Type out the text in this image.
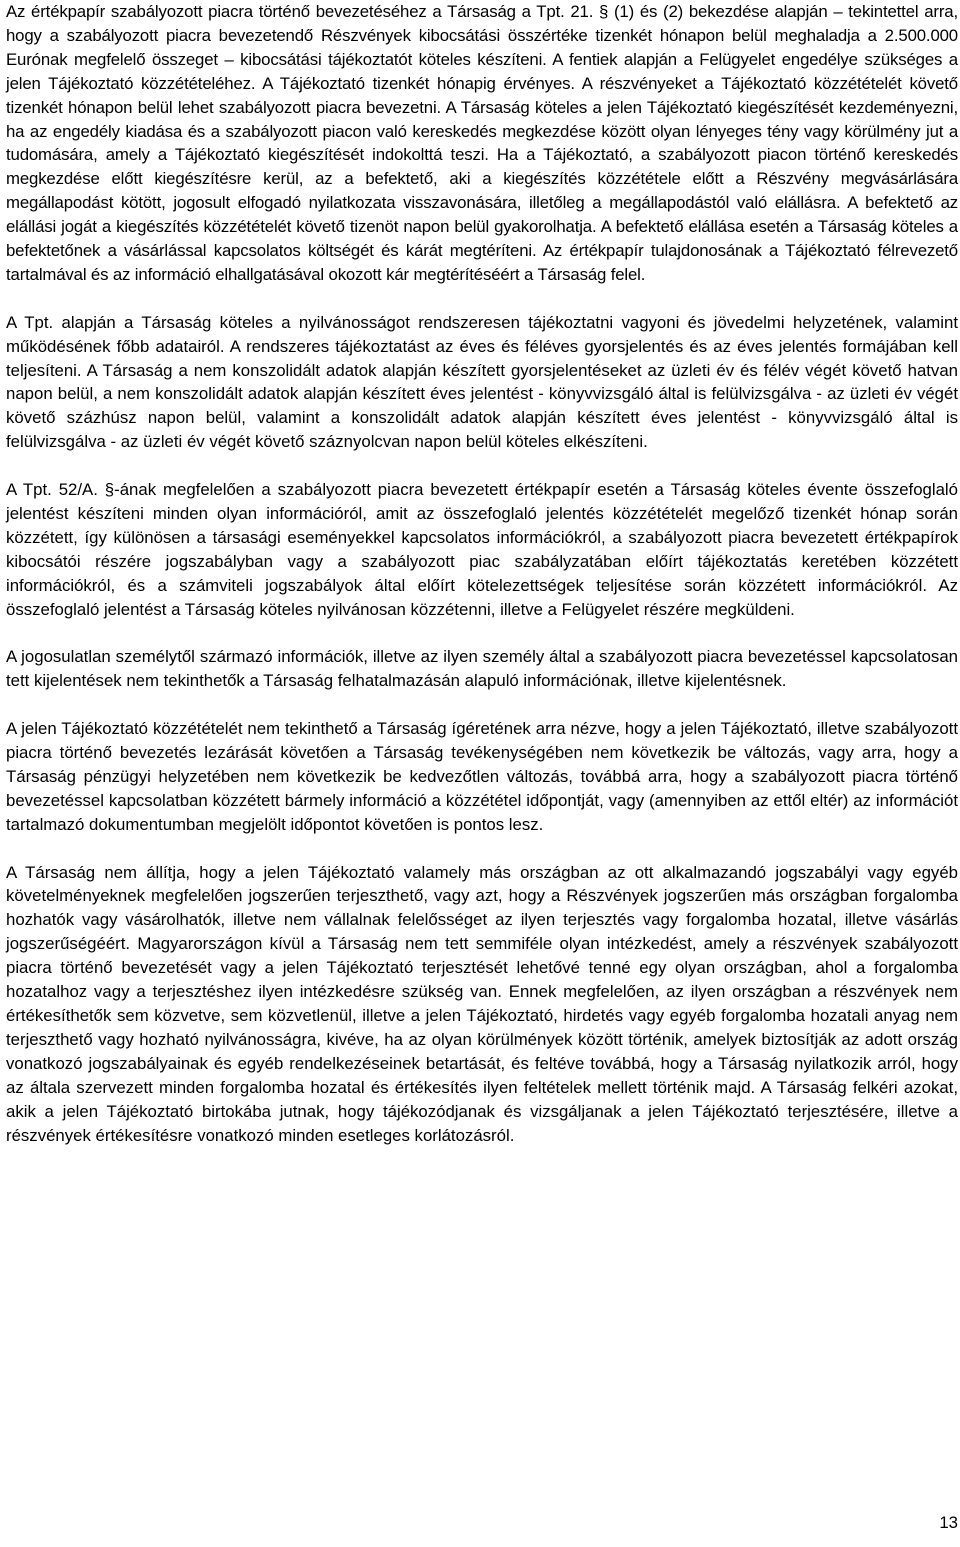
Az értékpapír szabályozott piacra történő bevezetéséhez a Társaság a Tpt. 21. § (1) és (2) bekezdése alapján – tekintettel arra, hogy a szabályozott piacra bevezetendő Részvények kibocsátási összértéke tizenkét hónapon belül meghaladja a 2.500.000 Eurónak megfelelő összeget – kibocsátási tájékoztatót köteles készíteni. A fentiek alapján a Felügyelet engedélye szükséges a jelen Tájékoztató közzétételéhez. A Tájékoztató tizenkét hónapig érvényes. A részvényeket a Tájékoztató közzétételét követő tizenkét hónapon belül lehet szabályozott piacra bevezetni. A Társaság köteles a jelen Tájékoztató kiegészítését kezdeményezni, ha az engedély kiadása és a szabályozott piacon való kereskedés megkezdése között olyan lényeges tény vagy körülmény jut a tudomására, amely a Tájékoztató kiegészítését indokolttá teszi. Ha a Tájékoztató, a szabályozott piacon történő kereskedés megkezdése előtt kiegészítésre kerül, az a befektető, aki a kiegészítés közzététele előtt a Részvény megvásárlására megállapodást kötött, jogosult elfogadó nyilatkozata visszavonására, illetőleg a megállapodástól való elállásra. A befektető az elállási jogát a kiegészítés közzétételét követő tizenöt napon belül gyakorolhatja. A befektető elállása esetén a Társaság köteles a befektetőnek a vásárlással kapcsolatos költségét és kárát megtéríteni. Az értékpapír tulajdonosának a Tájékoztató félrevezető tartalmával és az információ elhallgatásával okozott kár megtérítéséért a Társaság felel.

A Tpt. alapján a Társaság köteles a nyilvánosságot rendszeresen tájékoztatni vagyoni és jövedelmi helyzetének, valamint működésének főbb adatairól. A rendszeres tájékoztatást az éves és féléves gyorsjelentés és az éves jelentés formájában kell teljesíteni. A Társaság a nem konszolidált adatok alapján készített gyorsjelentéseket az üzleti év és félév végét követő hatvan napon belül, a nem konszolidált adatok alapján készített éves jelentést - könyvvizsgáló által is felülvizsgálva - az üzleti év végét követő százhúsz napon belül, valamint a konszolidált adatok alapján készített éves jelentést - könyvvizsgáló által is felülvizsgálva - az üzleti év végét követő száznyolcvan napon belül köteles elkészíteni.

A Tpt. 52/A. §-ának megfelelően a szabályozott piacra bevezetett értékpapír esetén a Társaság köteles évente összefoglaló jelentést készíteni minden olyan információról, amit az összefoglaló jelentés közzétételét megelőző tizenkét hónap során közzétett, így különösen a társasági eseményekkel kapcsolatos információkról, a szabályozott piacra bevezetett értékpapírok kibocsátói részére jogszabályban vagy a szabályozott piac szabályzatában előírt tájékoztatás keretében közzétett információkról, és a számviteli jogszabályok által előírt kötelezettségek teljesítése során közzétett információkról. Az összefoglaló jelentést a Társaság köteles nyilvánosan közzétenni, illetve a Felügyelet részére megküldeni.

A jogosulatlan személytől származó információk, illetve az ilyen személy által a szabályozott piacra bevezetéssel kapcsolatosan tett kijelentések nem tekinthetők a Társaság felhatalmazásán alapuló információnak, illetve kijelentésnek.

A jelen Tájékoztató közzétételét nem tekinthető a Társaság ígéretének arra nézve, hogy a jelen Tájékoztató, illetve szabályozott piacra történő bevezetés lezárását követően a Társaság tevékenységében nem következik be változás, vagy arra, hogy a Társaság pénzügyi helyzetében nem következik be kedvezőtlen változás, továbbá arra, hogy a szabályozott piacra történő bevezetéssel kapcsolatban közzétett bármely információ a közzététel időpontját, vagy (amennyiben az ettől eltér) az információt tartalmazó dokumentumban megjelölt időpontot követően is pontos lesz.

A Társaság nem állítja, hogy a jelen Tájékoztató valamely más országban az ott alkalmazandó jogszabályi vagy egyéb követelményeknek megfelelően jogszerűen terjeszthető, vagy azt, hogy a Részvények jogszerűen más országban forgalomba hozhatók vagy vásárolhatók, illetve nem vállalnak felelősséget az ilyen terjesztés vagy forgalomba hozatal, illetve vásárlás jogszerűségéért. Magyarországon kívül a Társaság nem tett semmiféle olyan intézkedést, amely a részvények szabályozott piacra történő bevezetését vagy a jelen Tájékoztató terjesztését lehetővé tenné egy olyan országban, ahol a forgalomba hozatalhoz vagy a terjesztéshez ilyen intézkedésre szükség van. Ennek megfelelően, az ilyen országban a részvények nem értékesíthetők sem közvetve, sem közvetlenül, illetve a jelen Tájékoztató, hirdetés vagy egyéb forgalomba hozatali anyag nem terjeszthető vagy hozható nyilvánosságra, kivéve, ha az olyan körülmények között történik, amelyek biztosítják az adott ország vonatkozó jogszabályainak és egyéb rendelkezéseinek betartását, és feltéve továbbá, hogy a Társaság nyilatkozik arról, hogy az általa szervezett minden forgalomba hozatal és értékesítés ilyen feltételek mellett történik majd. A Társaság felkéri azokat, akik a jelen Tájékoztató birtokába jutnak, hogy tájékozódjanak és vizsgáljanak a jelen Tájékoztató terjesztésére, illetve a részvények értékesítésre vonatkozó minden esetleges korlátozásról.

13
